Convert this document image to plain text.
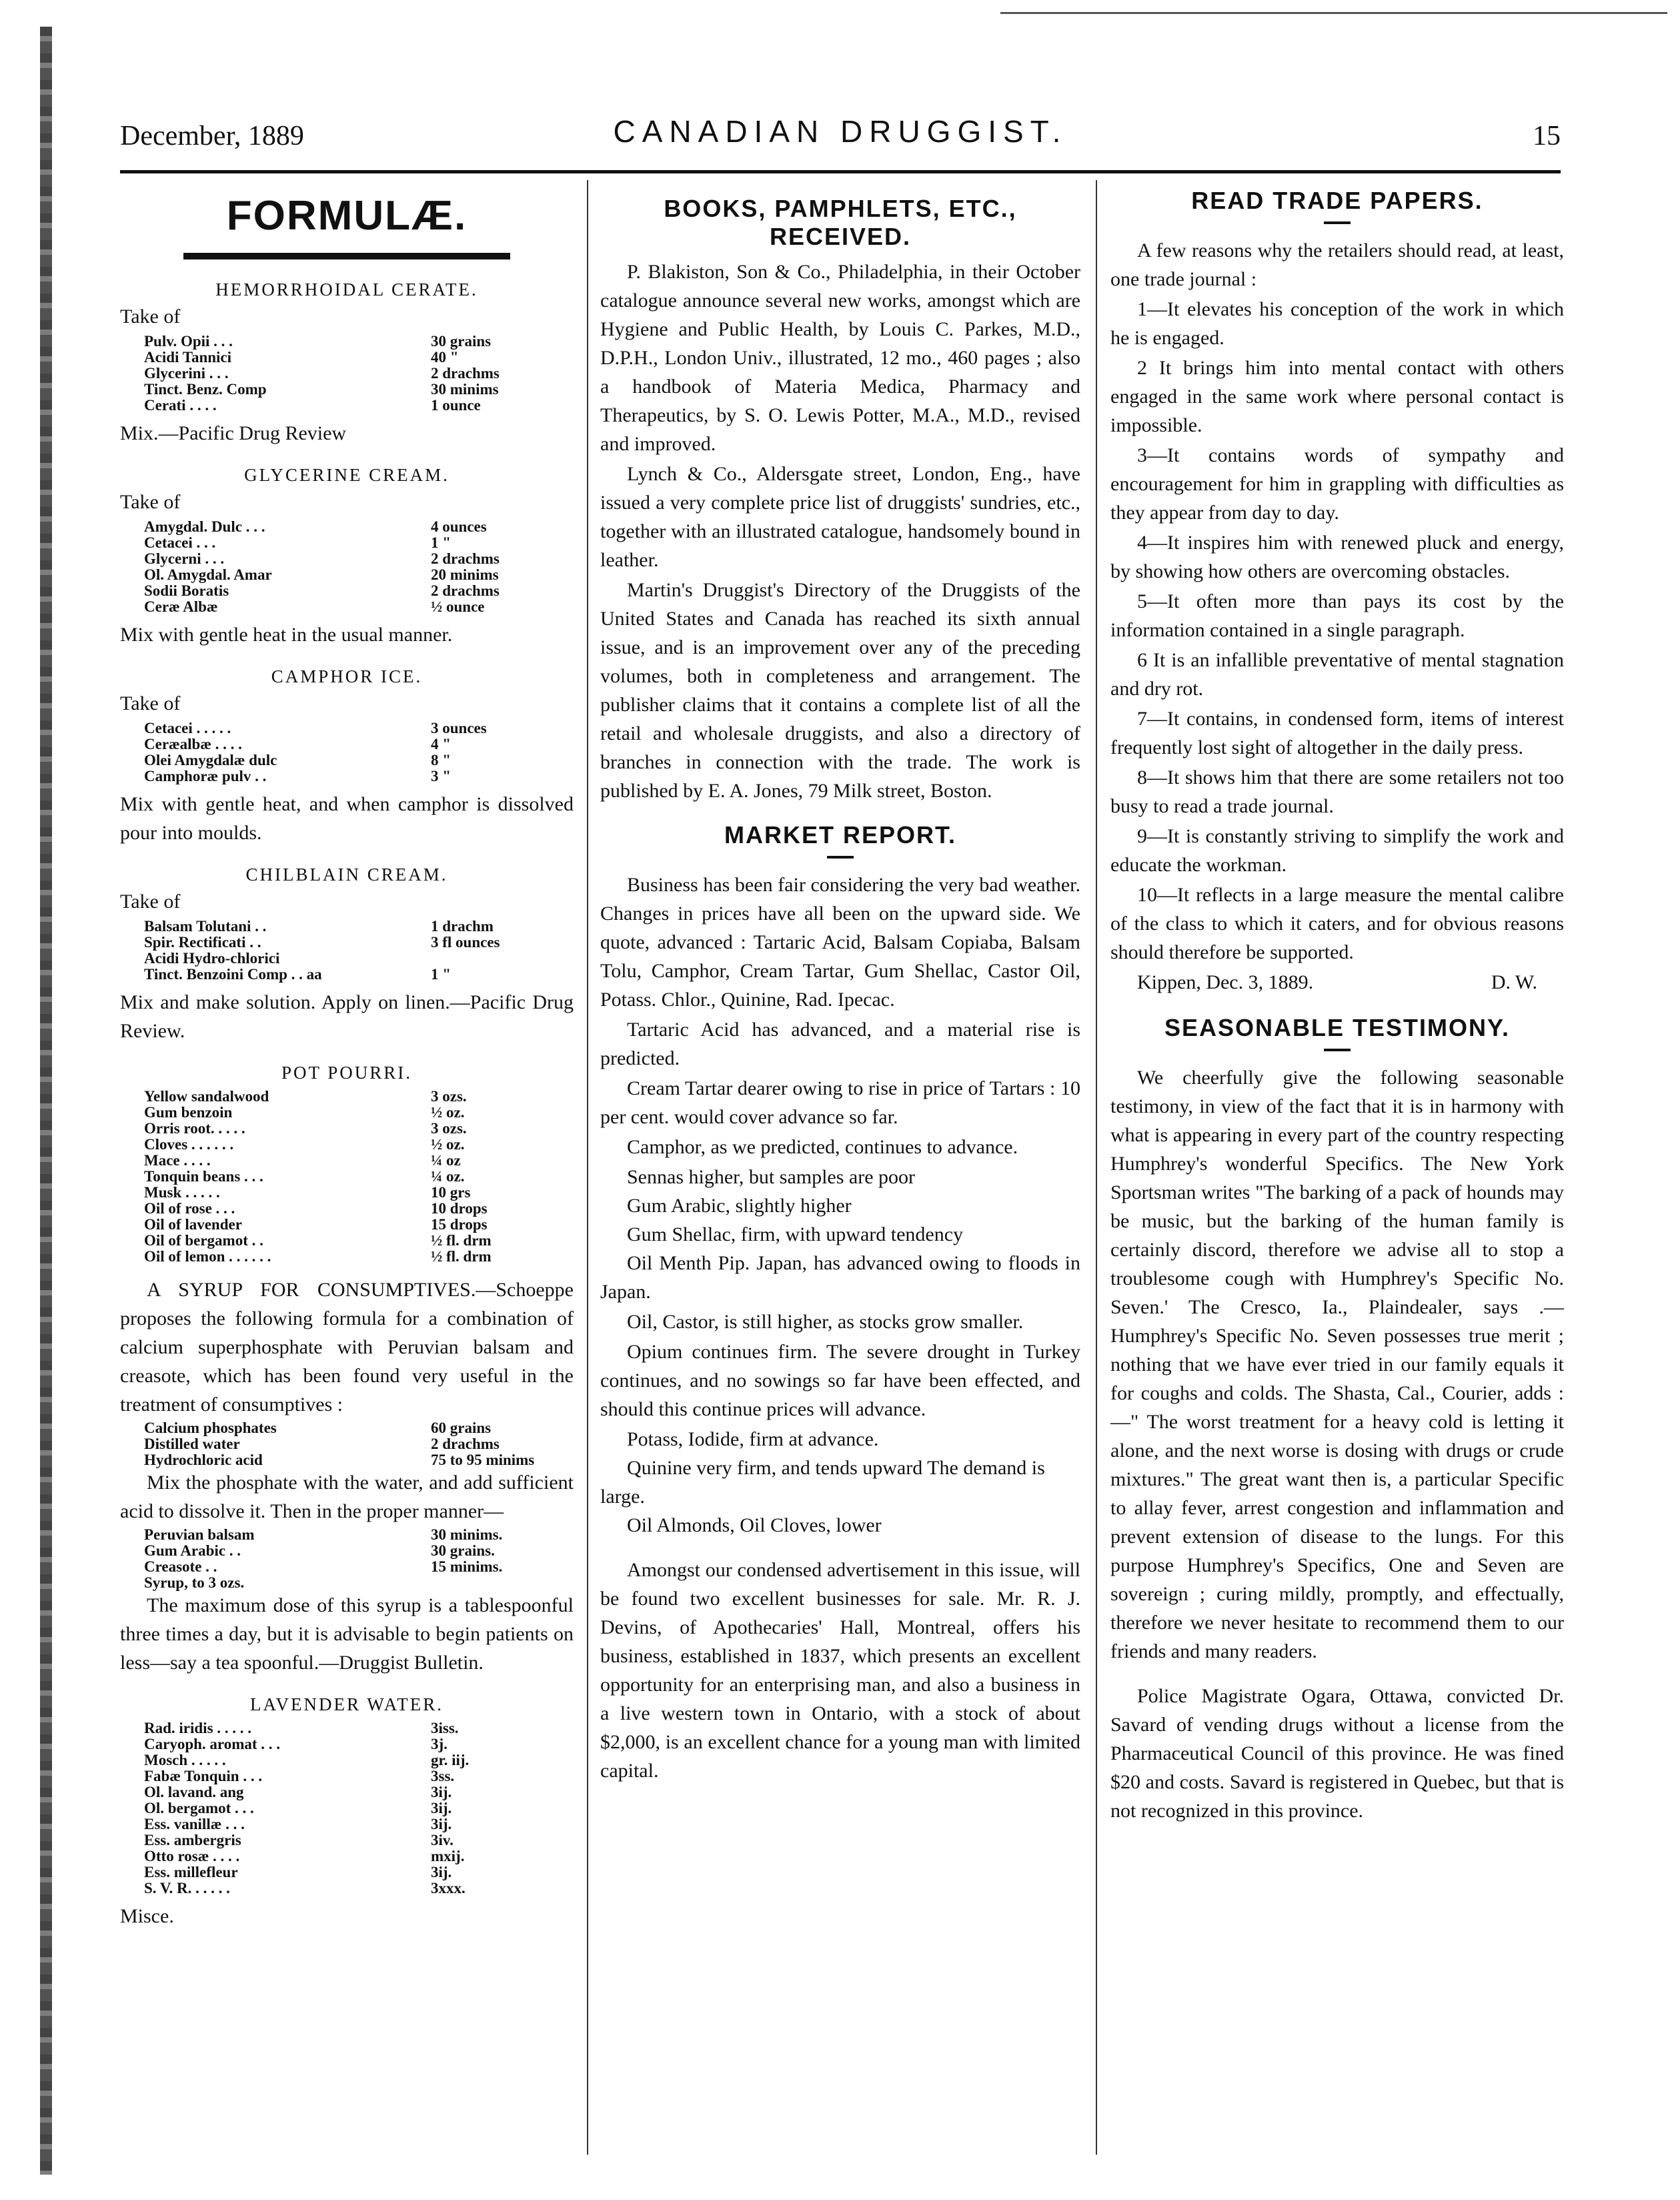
December, 1889	CANADIAN DRUGGIST.	15
FORMULÆ.
HEMORRHOIDAL CERATE.
Take of
Pulv. Opii . . .	30 grains
Acidi Tannici	40 "
Glycerini . . .	2 drachms
Tinct. Benz. Comp	30 minims
Cerati . . . .	1 ounce

Mix.—Pacific Drug Review

GLYCERINE CREAM.
Take of
Amygdal. Dulc . . .	4 ounces
Cetacei . . .	1 "
Glycerni . . .	2 drachms
Ol. Amygdal. Amar	20 minims
Sodii Boratis	2 drachms
Ceræ Albæ	½ ounce

Mix with gentle heat in the usual manner.

CAMPHOR ICE.
Take of
Cetacei . . . . .	3 ounces
Ceræalbæ . . . .	4 "
Olei Amygdalæ dulc	8 "
Camphoræ pulv . .	3 "

Mix with gentle heat, and when camphor is dissolved pour into moulds.

CHILBLAIN CREAM.
Take of
Balsam Tolutani . .	1 drachm
Spir. Rectificati . .	3 fl ounces
Acidi Hydro-chlorici
Tinct. Benzoini Comp . . aa	1 "

Mix and make solution. Apply on linen.—Pacific Drug Review.

POT POURRI.
Yellow sandalwood	3 ozs.
Gum benzoin	½ oz.
Orris root. . . . .	3 ozs.
Cloves . . . . . .	½ oz.
Mace . . . .	¼ oz
Tonquin beans . . .	¼ oz.
Musk . . . . .	10 grs
Oil of rose . . .	10 drops
Oil of lavender	15 drops
Oil of bergamot . .	½ fl. drm
Oil of lemon . . . . . .	½ fl. drm

A SYRUP FOR CONSUMPTIVES.—Schoeppe proposes the following formula for a combination of calcium superphosphate with Peruvian balsam and creasote, which has been found very useful in the treatment of consumptives :

Calcium phosphates	60 grains
Distilled water	2 drachms
Hydrochloric acid	75 to 95 minims

Mix the phosphate with the water, and add sufficient acid to dissolve it. Then in the proper manner—

Peruvian balsam	30 minims.
Gum Arabic . .	30 grains.
Creasote . .	15 minims.
Syrup, to 3 ozs.

The maximum dose of this syrup is a tablespoonful three times a day, but it is advisable to begin patients on less—say a tea spoonful.—Druggist Bulletin.

LAVENDER WATER.
Rad. iridis . . . . .	3iss.
Caryoph. aromat . . .	3j.
Mosch . . . . .	gr. iij.
Fabæ Tonquin . . .	3ss.
Ol. lavand. ang	3ij.
Ol. bergamot . . .	3ij.
Ess. vanillæ . . .	3ij.
Ess. ambergris	3iv.
Otto rosæ . . . .	mxij.
Ess. millefleur	3ij.
S. V. R. . . . . .	3xxx.

Misce.

BOOKS, PAMPHLETS, ETC., RECEIVED.

P. Blakiston, Son & Co., Philadelphia, in their October catalogue announce several new works, amongst which are Hygiene and Public Health, by Louis C. Parkes, M.D., D.P.H., London Univ., illustrated, 12 mo., 460 pages ; also a handbook of Materia Medica, Pharmacy and Therapeutics, by S. O. Lewis Potter, M.A., M.D., revised and improved.

Lynch & Co., Aldersgate street, London, Eng., have issued a very complete price list of druggists' sundries, etc., together with an illustrated catalogue, handsomely bound in leather.

Martin's Druggist's Directory of the Druggists of the United States and Canada has reached its sixth annual issue, and is an improvement over any of the preceding volumes, both in completeness and arrangement. The publisher claims that it contains a complete list of all the retail and wholesale druggists, and also a directory of branches in connection with the trade. The work is published by E. A. Jones, 79 Milk street, Boston.

MARKET REPORT.

Business has been fair considering the very bad weather. Changes in prices have all been on the upward side. We quote, advanced : Tartaric Acid, Balsam Copiaba, Balsam Tolu, Camphor, Cream Tartar, Gum Shellac, Castor Oil, Potass. Chlor., Quinine, Rad. Ipecac.

Tartaric Acid has advanced, and a material rise is predicted.

Cream Tartar dearer owing to rise in price of Tartars : 10 per cent. would cover advance so far.

Camphor, as we predicted, continues to advance.

Sennas higher, but samples are poor

Gum Arabic, slightly higher

Gum Shellac, firm, with upward tendency

Oil Menth Pip. Japan, has advanced owing to floods in Japan.

Oil, Castor, is still higher, as stocks grow smaller.

Opium continues firm. The severe drought in Turkey continues, and no sowings so far have been effected, and should this continue prices will advance.

Potass, Iodide, firm at advance.

Quinine very firm, and tends upward The demand is large.

Oil Almonds, Oil Cloves, lower

Amongst our condensed advertisement in this issue, will be found two excellent businesses for sale. Mr. R. J. Devins, of Apothecaries' Hall, Montreal, offers his business, established in 1837, which presents an excellent opportunity for an enterprising man, and also a business in a live western town in Ontario, with a stock of about $2,000, is an excellent chance for a young man with limited capital.

READ TRADE PAPERS.

A few reasons why the retailers should read, at least, one trade journal :

1—It elevates his conception of the work in which he is engaged.

2 It brings him into mental contact with others engaged in the same work where personal contact is impossible.

3—It contains words of sympathy and encouragement for him in grappling with difficulties as they appear from day to day.

4—It inspires him with renewed pluck and energy, by showing how others are overcoming obstacles.

5—It often more than pays its cost by the information contained in a single paragraph.

6 It is an infallible preventative of mental stagnation and dry rot.

7—It contains, in condensed form, items of interest frequently lost sight of altogether in the daily press.

8—It shows him that there are some retailers not too busy to read a trade journal.

9—It is constantly striving to simplify the work and educate the workman.

10—It reflects in a large measure the mental calibre of the class to which it caters, and for obvious reasons should therefore be supported.

Kippen, Dec. 3, 1889.	D. W.
SEASONABLE TESTIMONY.

We cheerfully give the following seasonable testimony, in view of the fact that it is in harmony with what is appearing in every part of the country respecting Humphrey's wonderful Specifics. The New York Sportsman writes "The barking of a pack of hounds may be music, but the barking of the human family is certainly discord, therefore we advise all to stop a troublesome cough with Humphrey's Specific No. Seven.' The Cresco, Ia., Plaindealer, says .— Humphrey's Specific No. Seven possesses true merit ; nothing that we have ever tried in our family equals it for coughs and colds. The Shasta, Cal., Courier, adds :—" The worst treatment for a heavy cold is letting it alone, and the next worse is dosing with drugs or crude mixtures." The great want then is, a particular Specific to allay fever, arrest congestion and inflammation and prevent extension of disease to the lungs. For this purpose Humphrey's Specifics, One and Seven are sovereign ; curing mildly, promptly, and effectually, therefore we never hesitate to recommend them to our friends and many readers.

Police Magistrate Ogara, Ottawa, convicted Dr. Savard of vending drugs without a license from the Pharmaceutical Council of this province. He was fined $20 and costs. Savard is registered in Quebec, but that is not recognized in this province.
